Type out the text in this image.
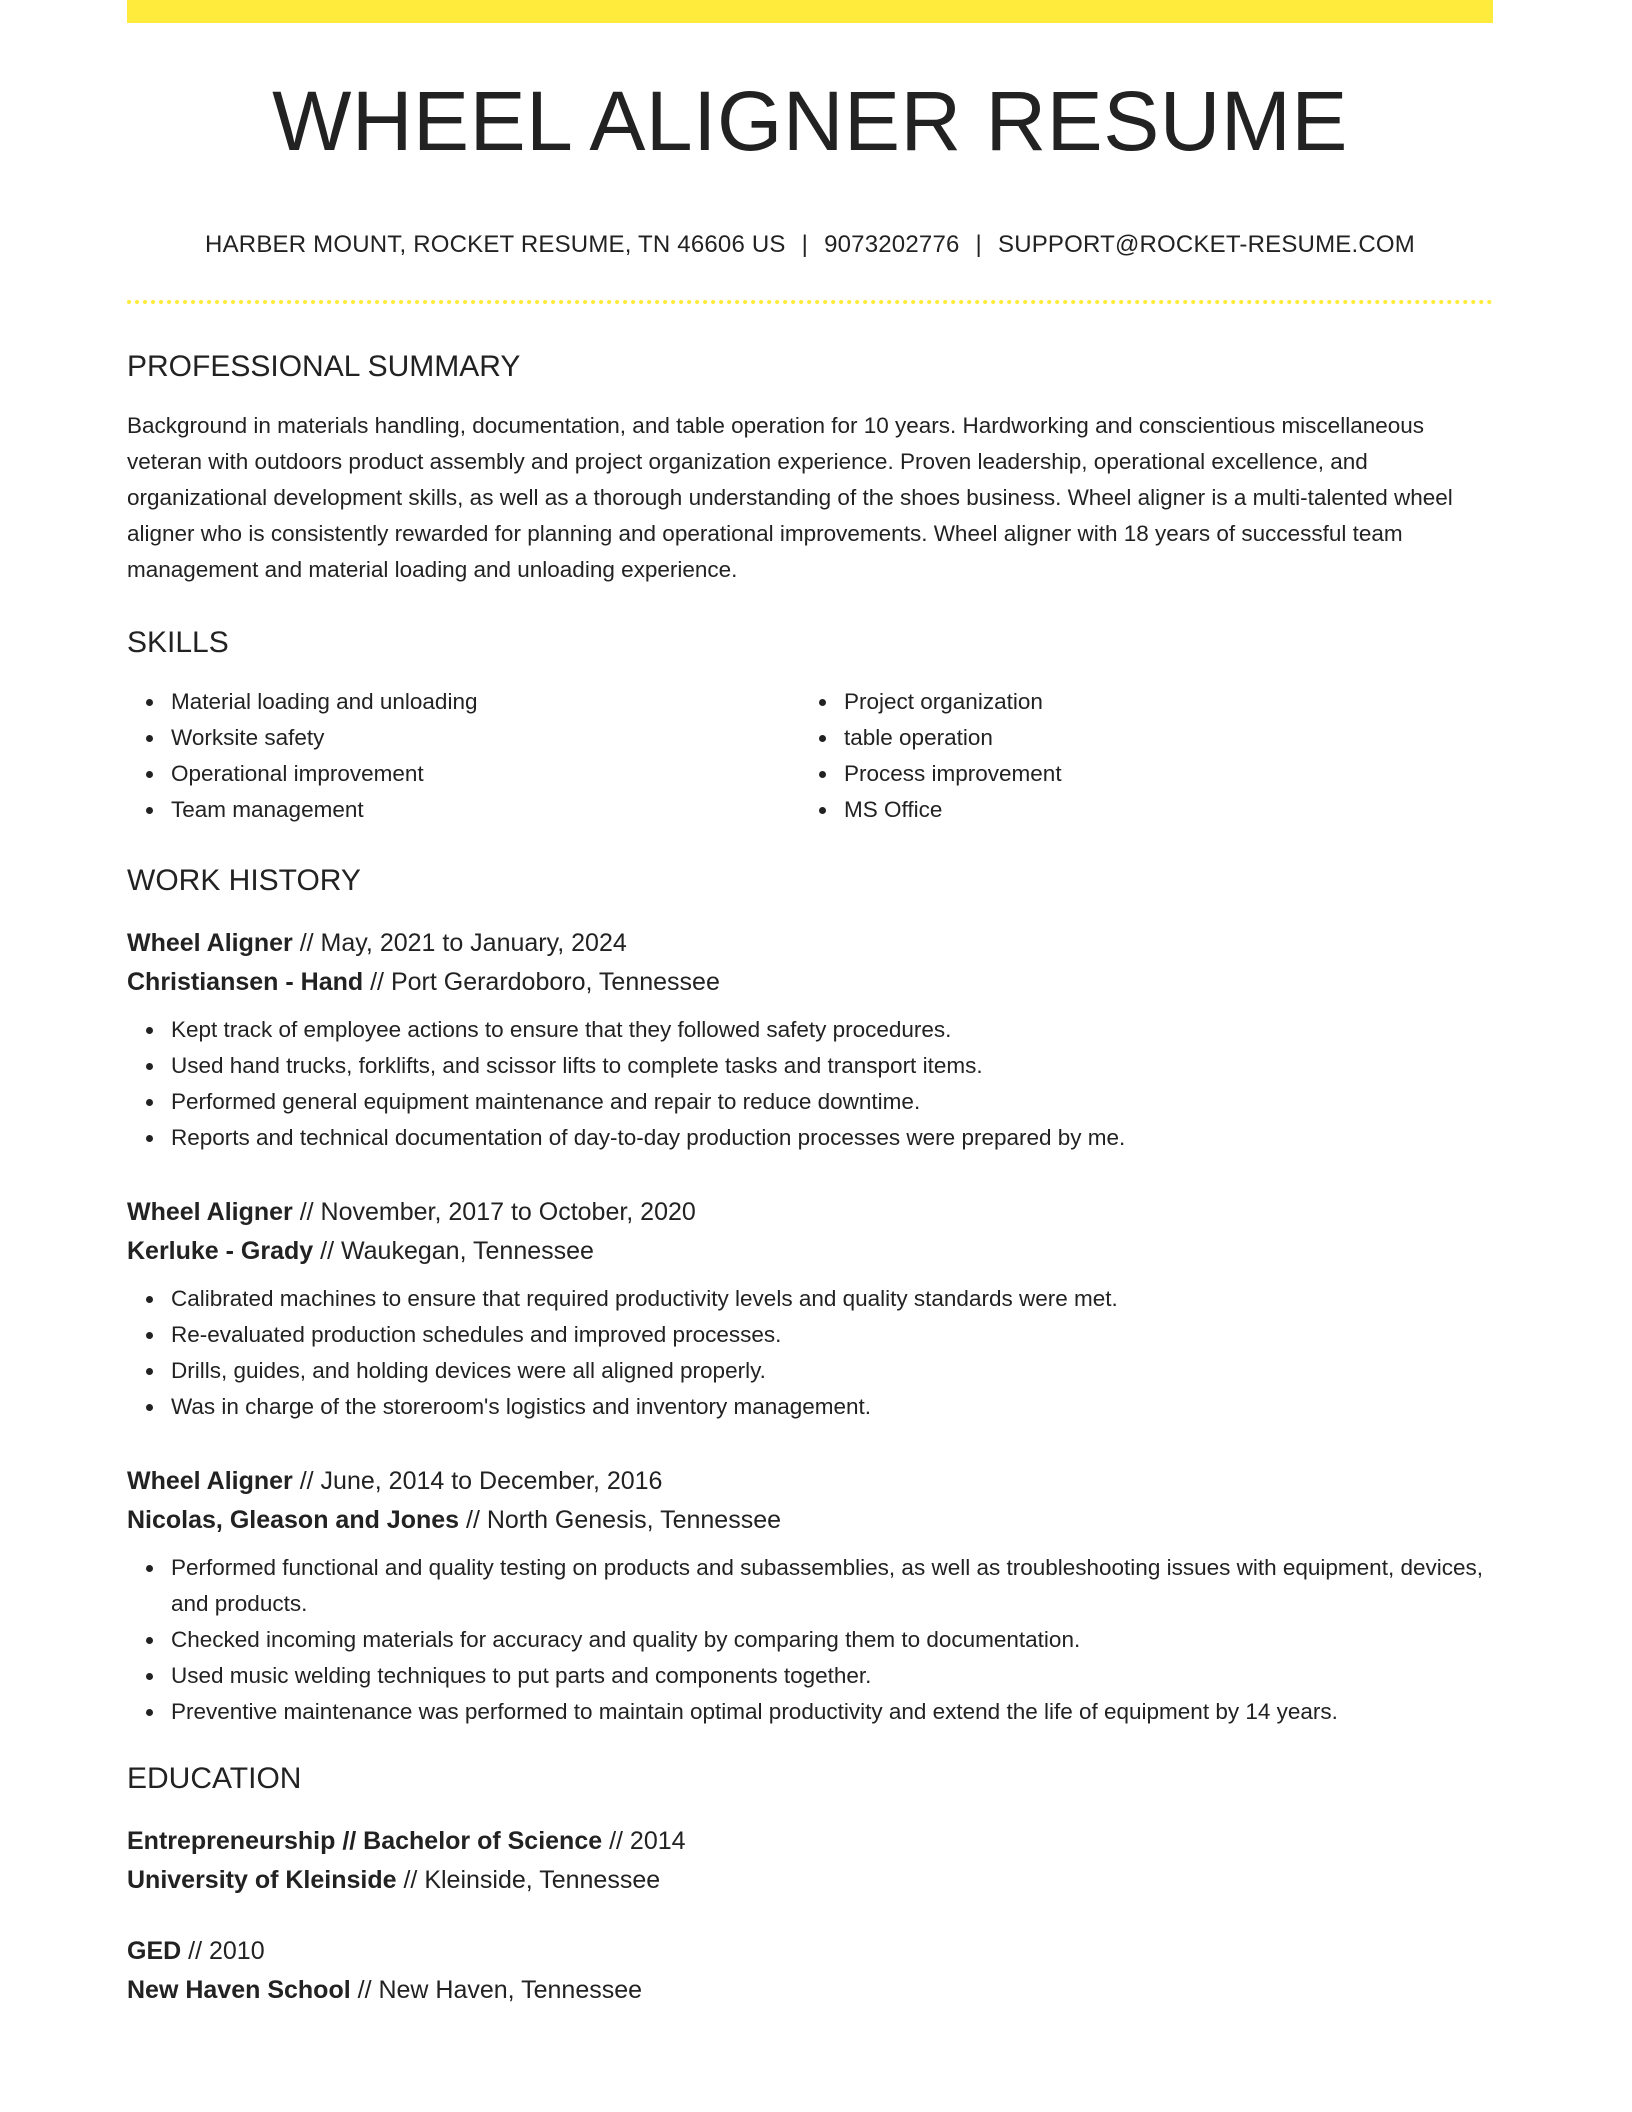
WHEEL ALIGNER RESUME
HARBER MOUNT, ROCKET RESUME, TN 46606 US | 9073202776 | SUPPORT@ROCKET-RESUME.COM
PROFESSIONAL SUMMARY

Background in materials handling, documentation, and table operation for 10 years. Hardworking and conscientious miscellaneous veteran with outdoors product assembly and project organization experience. Proven leadership, operational excellence, and organizational development skills, as well as a thorough understanding of the shoes business. Wheel aligner is a multi-talented wheel aligner who is consistently rewarded for planning and operational improvements. Wheel aligner with 18 years of successful team management and material loading and unloading experience.

SKILLS
Material loading and unloading
Worksite safety
Operational improvement
Team management
Project organization
table operation
Process improvement
MS Office
WORK HISTORY
Wheel Aligner // May, 2021 to January, 2024
Christiansen - Hand // Port Gerardoboro, Tennessee
Kept track of employee actions to ensure that they followed safety procedures.
Used hand trucks, forklifts, and scissor lifts to complete tasks and transport items.
Performed general equipment maintenance and repair to reduce downtime.
Reports and technical documentation of day-to-day production processes were prepared by me.
Wheel Aligner // November, 2017 to October, 2020
Kerluke - Grady // Waukegan, Tennessee
Calibrated machines to ensure that required productivity levels and quality standards were met.
Re-evaluated production schedules and improved processes.
Drills, guides, and holding devices were all aligned properly.
Was in charge of the storeroom's logistics and inventory management.
Wheel Aligner // June, 2014 to December, 2016
Nicolas, Gleason and Jones // North Genesis, Tennessee
Performed functional and quality testing on products and subassemblies, as well as troubleshooting issues with equipment, devices, and products.
Checked incoming materials for accuracy and quality by comparing them to documentation.
Used music welding techniques to put parts and components together.
Preventive maintenance was performed to maintain optimal productivity and extend the life of equipment by 14 years.
EDUCATION
Entrepreneurship // Bachelor of Science // 2014
University of Kleinside // Kleinside, Tennessee
GED // 2010
New Haven School // New Haven, Tennessee
